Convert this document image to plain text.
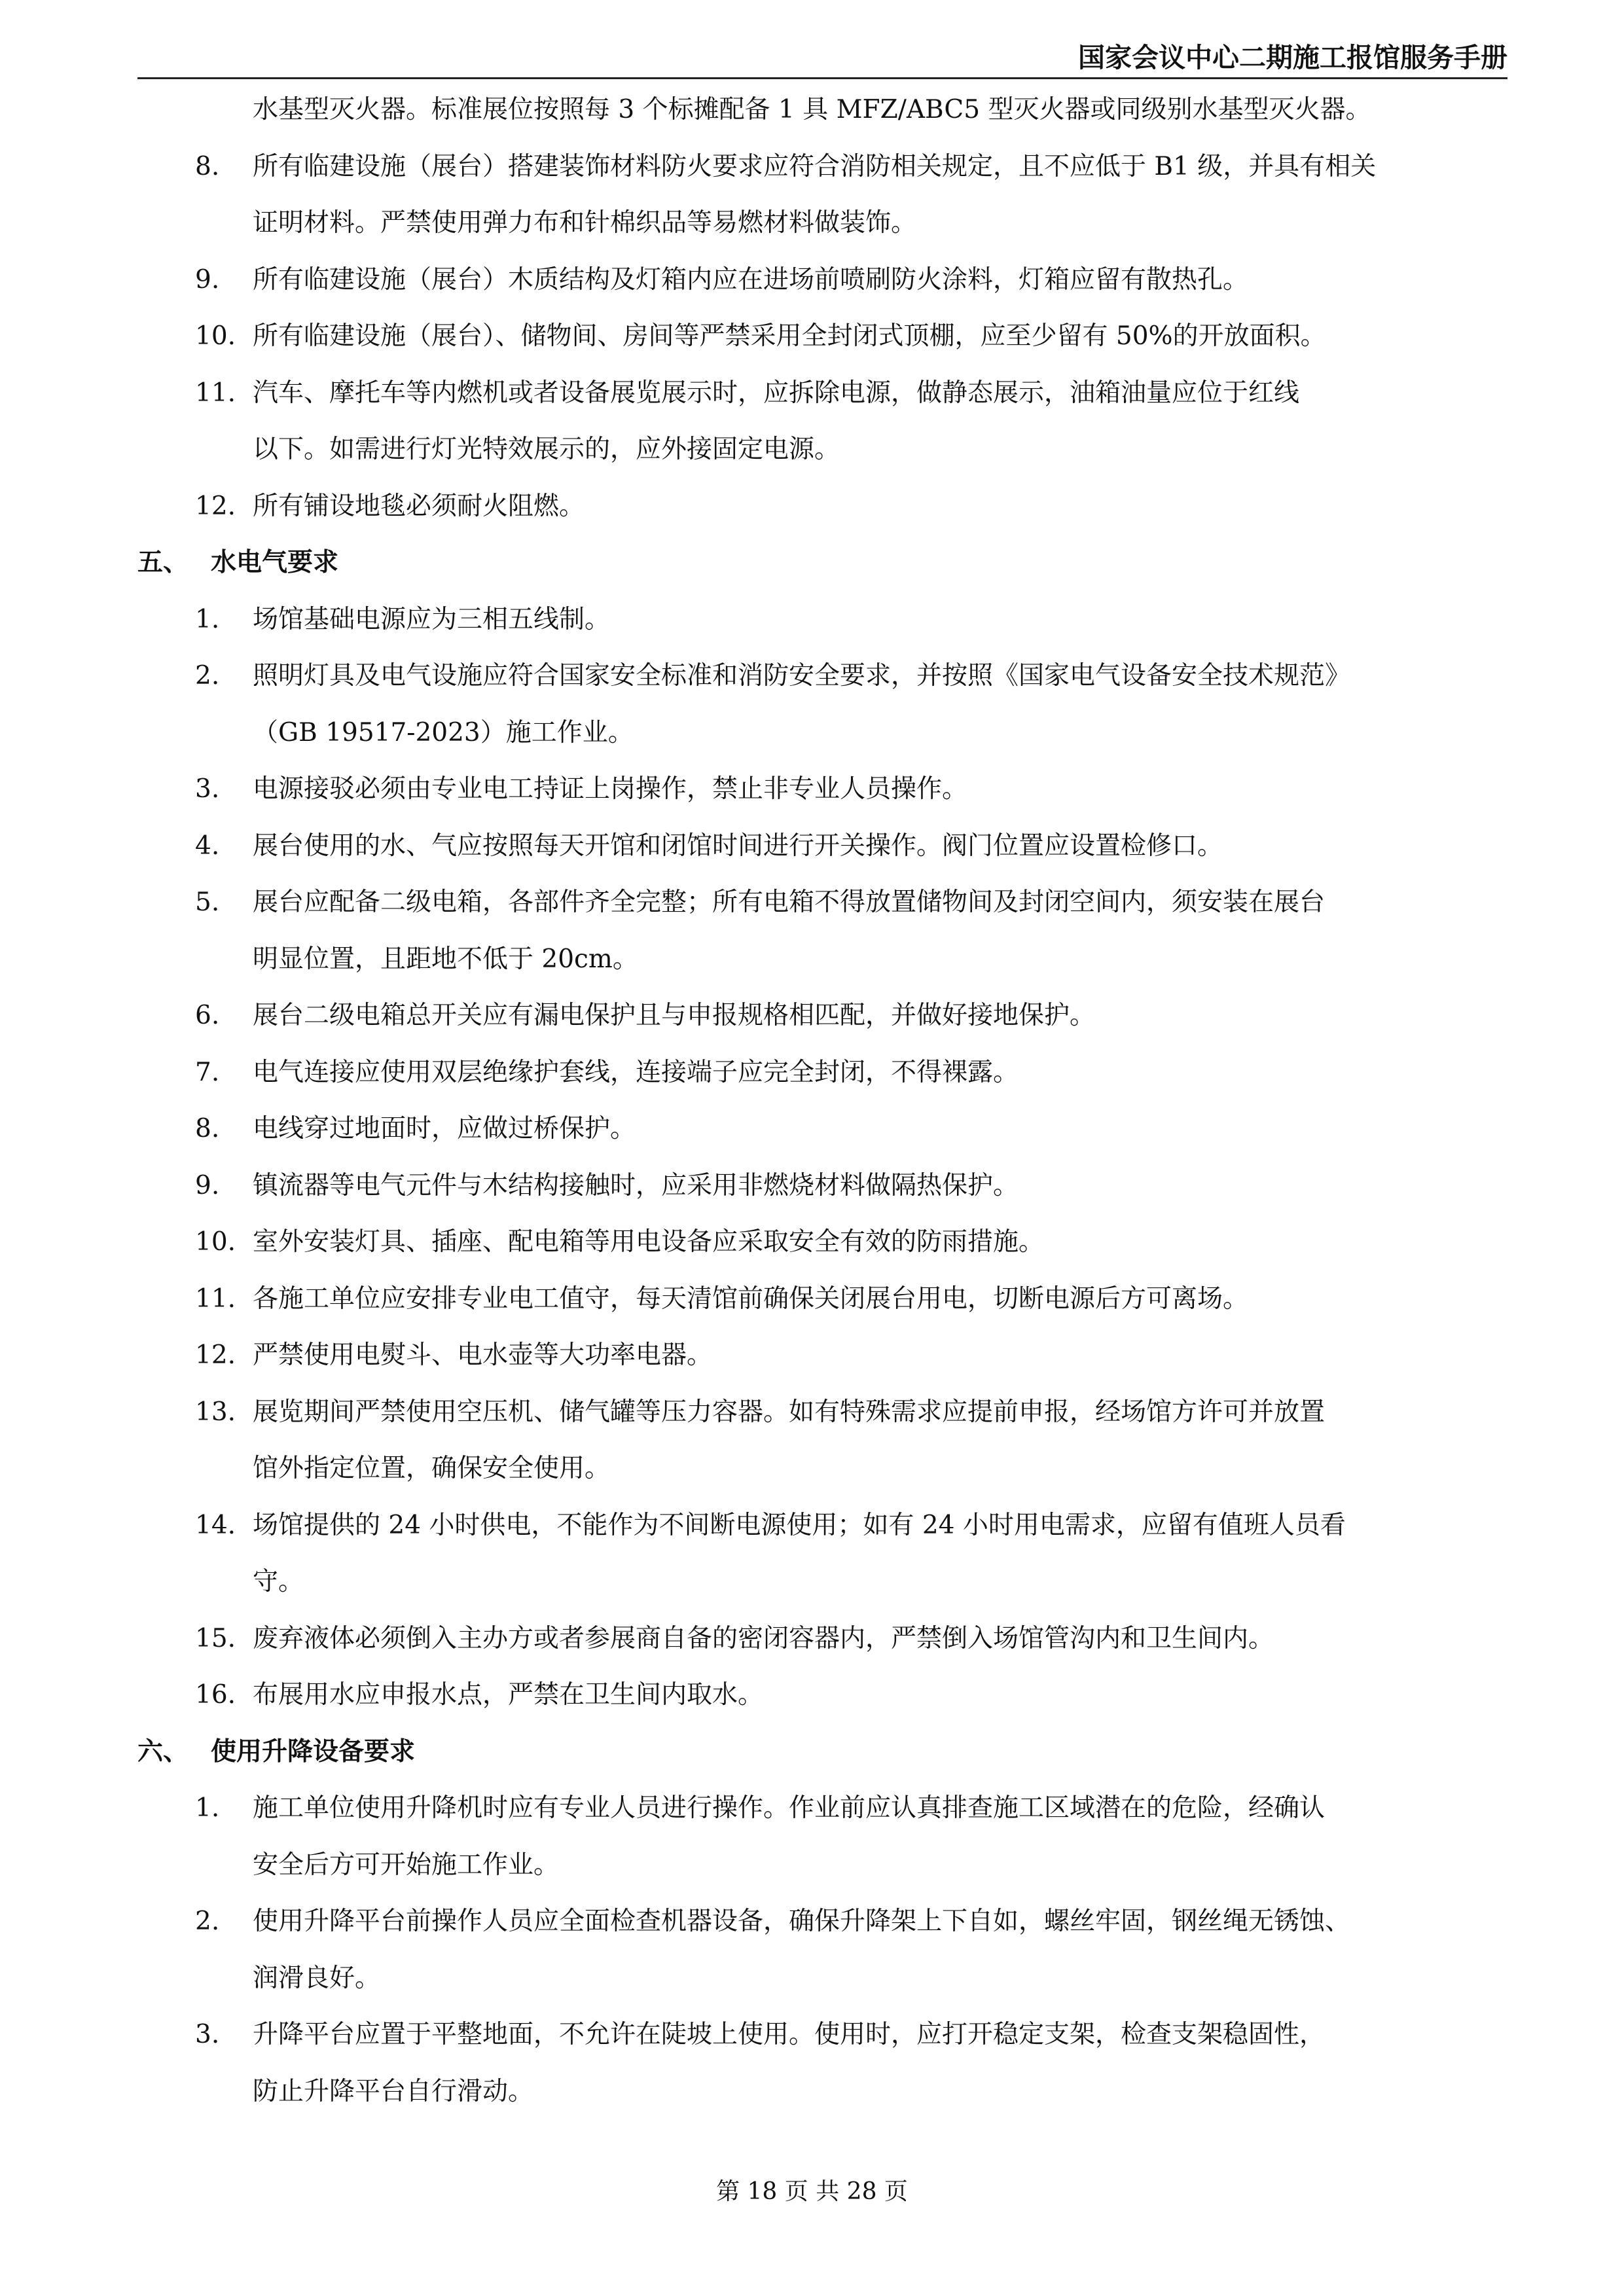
国家会议中心二期施工报馆服务手册
水基型灭火器。标准展位按照每 3 个标摊配备 1 具 MFZ/ABC5 型灭火器或同级别水基型灭火器。
8. 所有临建设施（展台）搭建装饰材料防火要求应符合消防相关规定，且不应低于 B1 级，并具有相关
证明材料。严禁使用弹力布和针棉织品等易燃材料做装饰。
9. 所有临建设施（展台）木质结构及灯箱内应在进场前喷刷防火涂料，灯箱应留有散热孔。
10. 所有临建设施（展台）、储物间、房间等严禁采用全封闭式顶棚，应至少留有 50%的开放面积。
11. 汽车、摩托车等内燃机或者设备展览展示时，应拆除电源，做静态展示，油箱油量应位于红线
以下。如需进行灯光特效展示的，应外接固定电源。
12. 所有铺设地毯必须耐火阻燃。
五、 水电气要求
1. 场馆基础电源应为三相五线制。
2. 照明灯具及电气设施应符合国家安全标准和消防安全要求，并按照《国家电气设备安全技术规范》
（GB 19517-2023）施工作业。
3. 电源接驳必须由专业电工持证上岗操作，禁止非专业人员操作。
4. 展台使用的水、气应按照每天开馆和闭馆时间进行开关操作。阀门位置应设置检修口。
5. 展台应配备二级电箱，各部件齐全完整；所有电箱不得放置储物间及封闭空间内，须安装在展台
明显位置，且距地不低于 20cm。
6. 展台二级电箱总开关应有漏电保护且与申报规格相匹配，并做好接地保护。
7. 电气连接应使用双层绝缘护套线，连接端子应完全封闭，不得裸露。
8. 电线穿过地面时，应做过桥保护。
9. 镇流器等电气元件与木结构接触时，应采用非燃烧材料做隔热保护。
10. 室外安装灯具、插座、配电箱等用电设备应采取安全有效的防雨措施。
11. 各施工单位应安排专业电工值守，每天清馆前确保关闭展台用电，切断电源后方可离场。
12. 严禁使用电熨斗、电水壶等大功率电器。
13. 展览期间严禁使用空压机、储气罐等压力容器。如有特殊需求应提前申报，经场馆方许可并放置
馆外指定位置，确保安全使用。
14. 场馆提供的 24 小时供电，不能作为不间断电源使用；如有 24 小时用电需求，应留有值班人员看
守。
15. 废弃液体必须倒入主办方或者参展商自备的密闭容器内，严禁倒入场馆管沟内和卫生间内。
16. 布展用水应申报水点，严禁在卫生间内取水。
六、 使用升降设备要求
1. 施工单位使用升降机时应有专业人员进行操作。作业前应认真排查施工区域潜在的危险，经确认
安全后方可开始施工作业。
2. 使用升降平台前操作人员应全面检查机器设备，确保升降架上下自如，螺丝牢固，钢丝绳无锈蚀、
润滑良好。
3. 升降平台应置于平整地面，不允许在陡坡上使用。使用时，应打开稳定支架，检查支架稳固性，
防止升降平台自行滑动。
第 18 页 共 28 页
